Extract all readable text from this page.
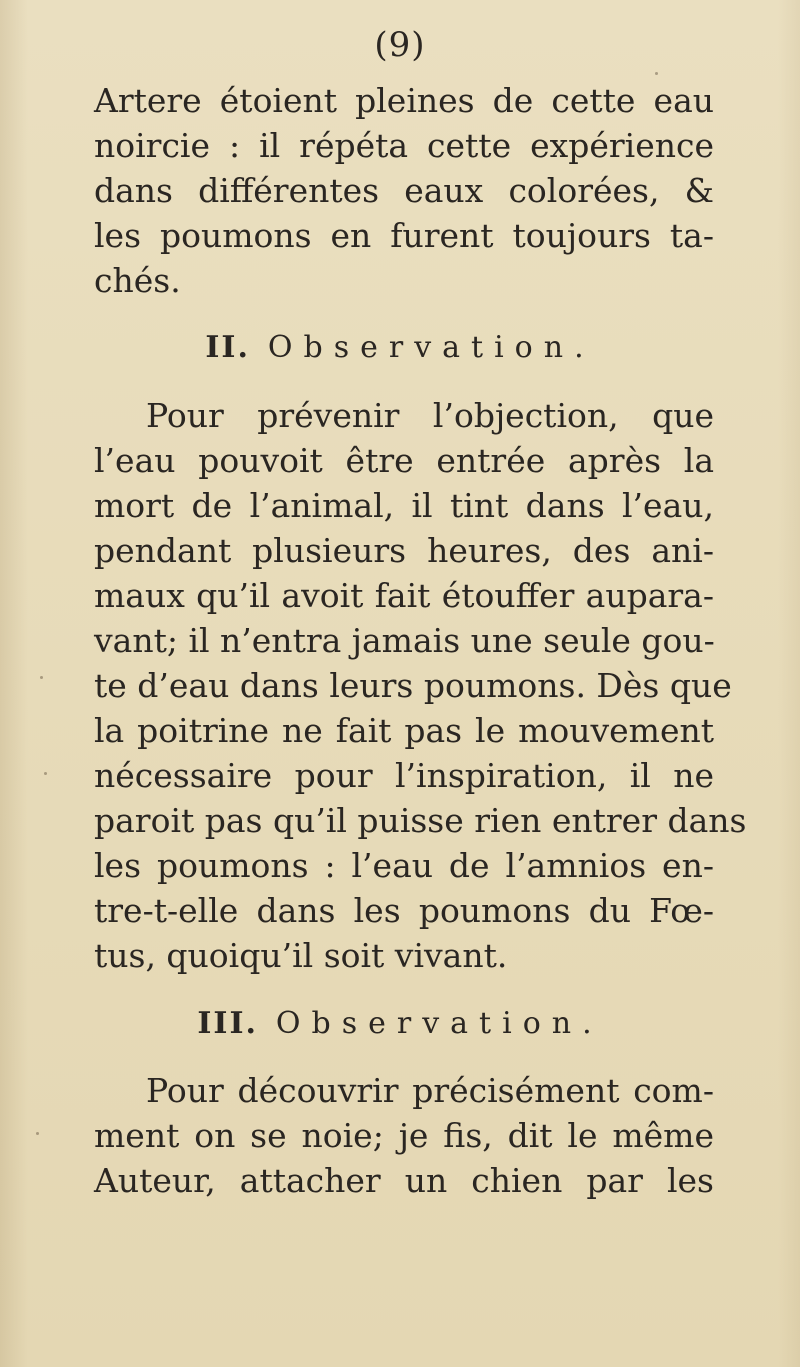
(9)
Artere étoient pleines de cette eau
noircie : il répéta cette expérience
dans différentes eaux colorées, &
les poumons en furent toujours ta-
chés.
II. Observation.
Pour prévenir l’objection, que
l’eau pouvoit être entrée après la
mort de l’animal, il tint dans l’eau,
pendant plusieurs heures, des ani-
maux qu’il avoit fait étouffer aupara-
vant; il n’entra jamais une seule gou-
te d’eau dans leurs poumons. Dès que
la poitrine ne fait pas le mouvement
nécessaire pour l’inspiration, il ne
paroit pas qu’il puisse rien entrer dans
les poumons : l’eau de l’amnios en-
tre-t-elle dans les poumons du Fœ-
tus, quoiqu’il soit vivant.
III. Observation.
Pour découvrir précisément com-
ment on se noie; je fis, dit le même
Auteur, attacher un chien par les
